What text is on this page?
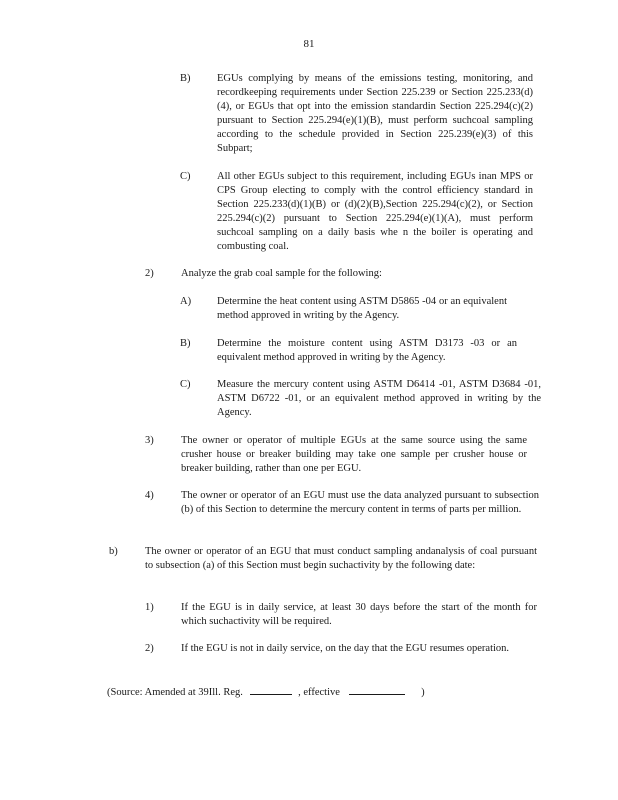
81
B)	EGUs complying by means of the emissions testing, monitoring, and recordkeeping requirements under Section 225.239 or Section 225.233(d)(4), or EGUs that opt into the emission standardin Section 225.294(c)(2) pursuant to Section 225.294(e)(1)(B), must perform suchcoal sampling according to the schedule provided in Section 225.239(e)(3) of this Subpart;
C)	All other EGUs subject to this requirement, including EGUs inan MPS or CPS Group electing to comply with the control efficiency standard in Section 225.233(d)(1)(B) or (d)(2)(B),Section 225.294(c)(2), or Section 225.294(c)(2) pursuant to Section 225.294(e)(1)(A), must perform suchcoal sampling on a daily basis whe n the boiler is operating and combusting coal.
2)	Analyze the grab coal sample for the following:
A) Determine the heat content using ASTM D5865 -04 or an equivalent method approved in writing by the Agency.
B)	Determine the moisture content using ASTM D3173 -03 or an equivalent method approved in writing by the Agency.
C)	Measure the mercury content using ASTM D6414 -01, ASTM D3684 -01, ASTM D6722 -01, or an equivalent method approved in writing by the Agency.
3)	The owner or operator of multiple EGUs at the same source using the same crusher house or breaker building may take one sample per crusher house or breaker building, rather than one per EGU.
4)	The owner or operator of an EGU must use the data analyzed pursuant to subsection (b) of this Section to determine the mercury content in terms of parts per million.
b)	The owner or operator of an EGU that must conduct sampling andanalysis of coal pursuant to subsection (a) of this Section must begin suchactivity by the following date:
1)	If the EGU is in daily service, at least 30 days before the start of the month for which suchactivity will be required.
2)	If the EGU is not in daily service, on the day that the EGU resumes operation.
(Source: Amended at 39Ill. Reg.	, effective	)
